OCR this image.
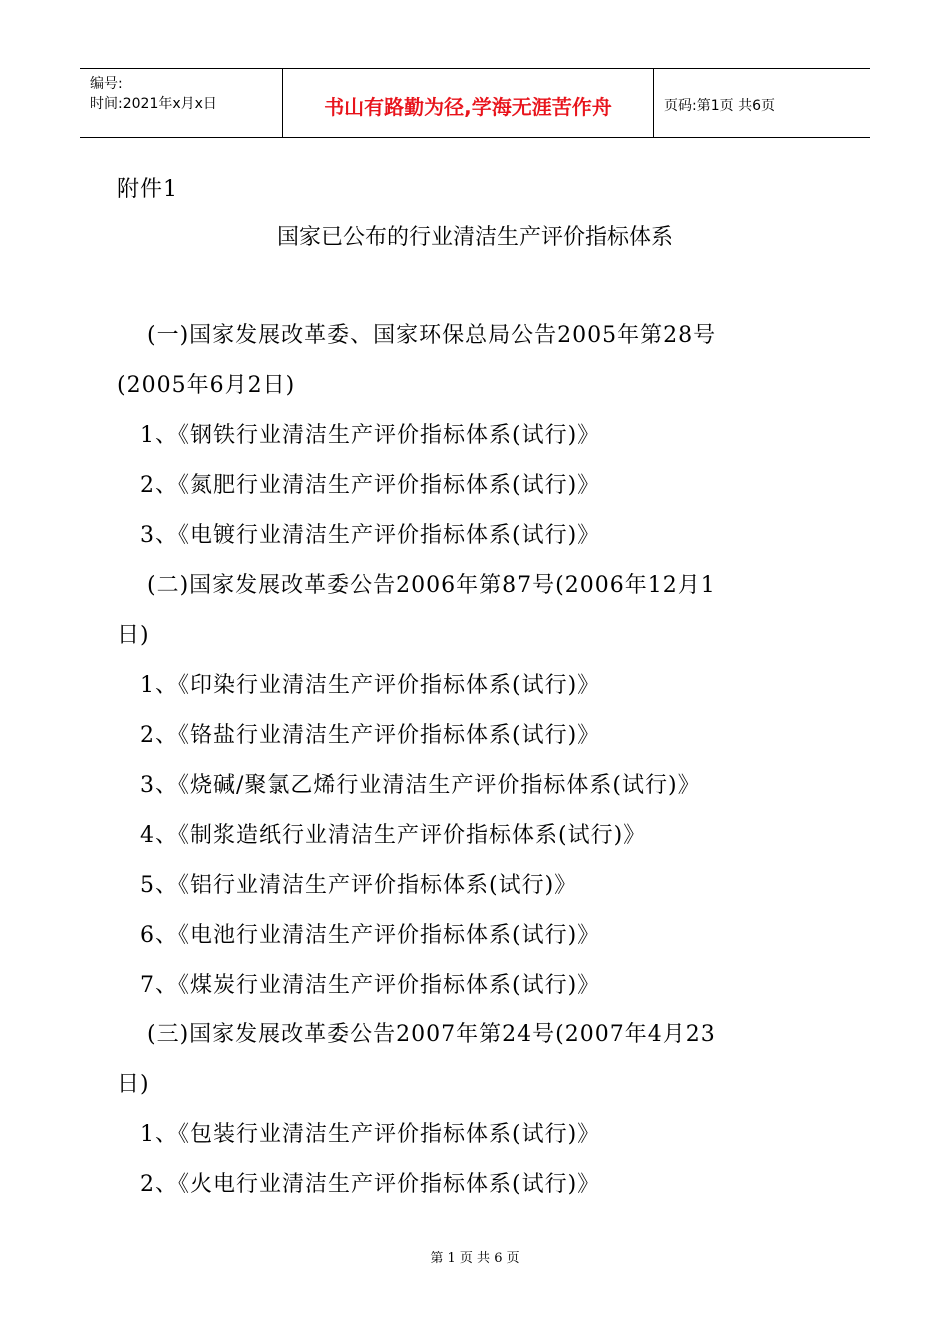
编号:
时间:2021年x月x日	书山有路勤为径,学海无涯苦作舟	页码:第1页 共6页
附件1
国家已公布的行业清洁生产评价指标体系
(一)国家发展改革委、国家环保总局公告2005年第28号
(2005年6月2日)
1、《钢铁行业清洁生产评价指标体系(试行)》
2、《氮肥行业清洁生产评价指标体系(试行)》
3、《电镀行业清洁生产评价指标体系(试行)》
(二)国家发展改革委公告2006年第87号(2006年12月1
日)
1、《印染行业清洁生产评价指标体系(试行)》
2、《铬盐行业清洁生产评价指标体系(试行)》
3、《烧碱/聚氯乙烯行业清洁生产评价指标体系(试行)》
4、《制浆造纸行业清洁生产评价指标体系(试行)》
5、《铝行业清洁生产评价指标体系(试行)》
6、《电池行业清洁生产评价指标体系(试行)》
7、《煤炭行业清洁生产评价指标体系(试行)》
(三)国家发展改革委公告2007年第24号(2007年4月23
日)
1、《包装行业清洁生产评价指标体系(试行)》
2、《火电行业清洁生产评价指标体系(试行)》
第 1 页 共 6 页
